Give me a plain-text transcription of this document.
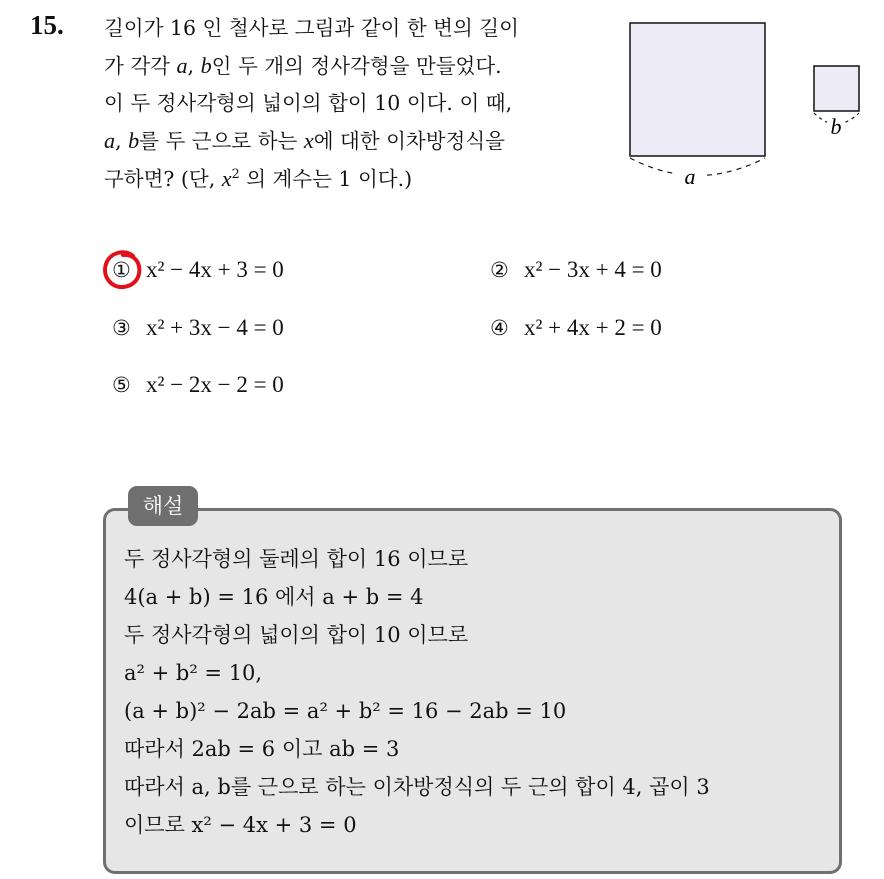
15. 길이가 16 인 철사로 그림과 같이 한 변의 길이
가 각각 a, b인 두 개의 정사각형을 만들었다.
이 두 정사각형의 넓이의 합이 10 이다. 이 때,
a, b를 두 근으로 하는 x에 대한 이차방정식을
구하면? (단, $x^2$ 의 계수는 1 이다.)	a
b
① x² − 4x + 3 = 0	② x² − 3x + 4 = 0
③ x² + 3x − 4 = 0	④ x² + 4x + 2 = 0
⑤ x² − 2x − 2 = 0
해설
두 정사각형의 둘레의 합이 16 이므로
4(a + b) = 16 에서 a + b = 4
두 정사각형의 넓이의 합이 10 이므로
a² + b² = 10,
(a + b)² − 2ab = a² + b² = 16 − 2ab = 10
따라서 2ab = 6 이고 ab = 3
따라서 a, b를 근으로 하는 이차방정식의 두 근의 합이 4, 곱이 3
이므로 x² − 4x + 3 = 0
